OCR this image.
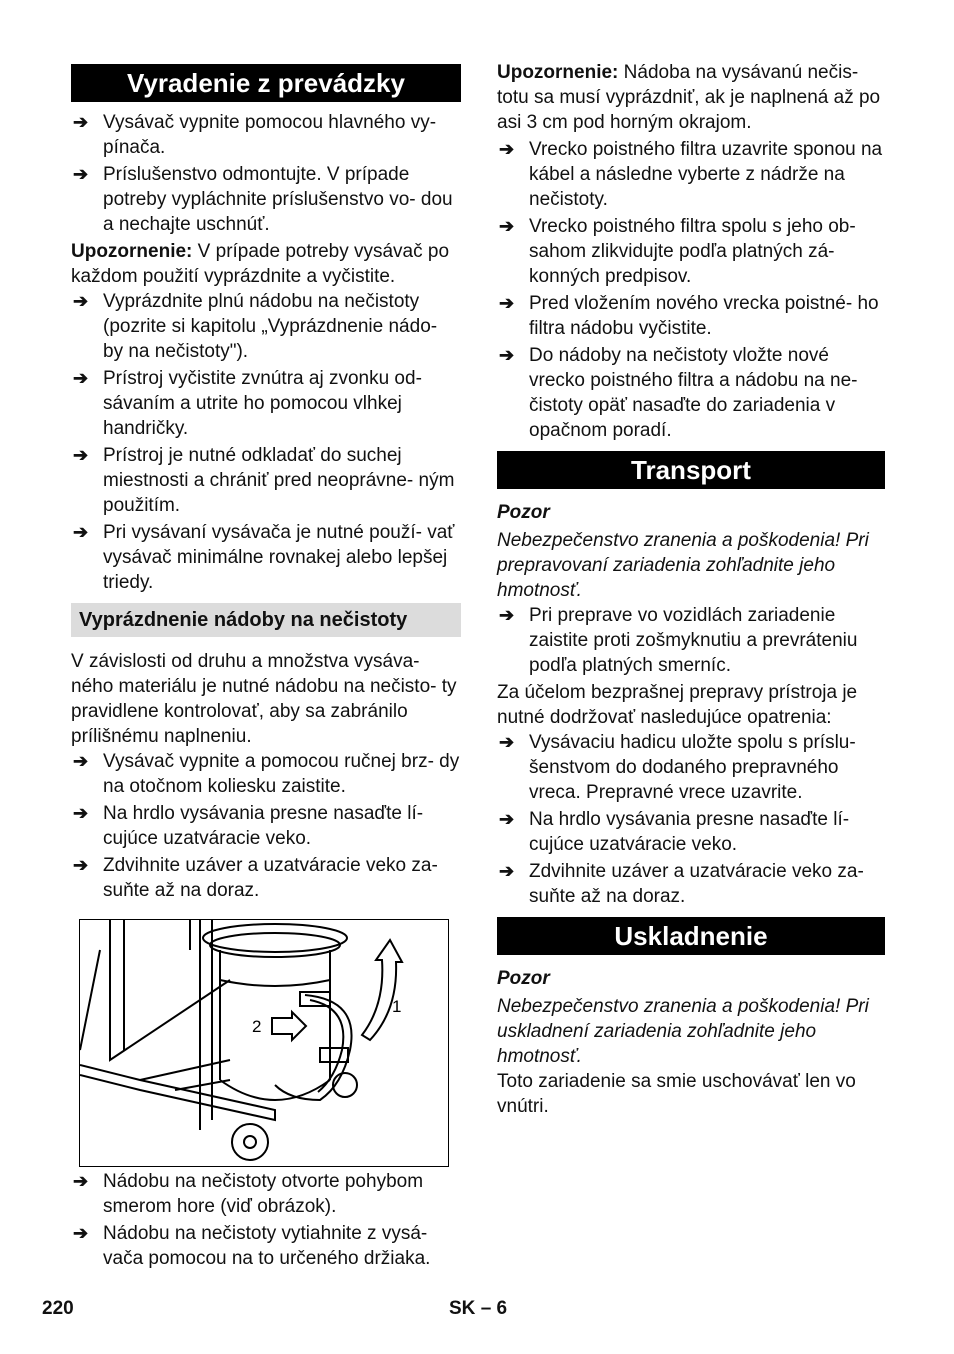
Vyradenie z prevádzky
➔ Vysávač vypnite pomocou hlavného vy- pínača.
➔ Príslušenstvo odmontujte. V prípade potreby vypláchnite príslušenstvo vo- dou a nechajte uschnúť.

Upozornenie: V prípade potreby vysávač po každom použití vyprázdnite a vyčistite.

➔ Vyprázdnite plnú nádobu na nečistoty (pozrite si kapitolu „Vyprázdnenie nádo- by na nečistoty").
➔ Prístroj vyčistite zvnútra aj zvonku od- sávaním a utrite ho pomocou vlhkej handričky.
➔ Prístroj je nutné odkladať do suchej miestnosti a chrániť pred neoprávne- ným použitím.
➔ Pri vysávaní vysávača je nutné použí- vať vysávač minimálne rovnakej alebo lepšej triedy.
Vyprázdnenie nádoby na nečistoty

V závislosti od druhu a množstva vysáva- ného materiálu je nutné nádobu na nečisto- ty pravidlene kontrolovať, aby sa zabránilo prílišnému naplneniu.

➔ Vysávač vypnite a pomocou ručnej brz- dy na otočnom koliesku zaistite.
➔ Na hrdlo vysávania presne nasaďte lí- cujúce uzatváracie veko.
➔ Zdvihnite uzáver a uzatváracie veko za- suňte až na doraz.
2
1
➔ Nádobu na nečistoty otvorte pohybom smerom hore (viď obrázok).
➔ Nádobu na nečistoty vytiahnite z vysá- vača pomocou na to určeného držiaka.

Upozornenie: Nádoba na vysávanú nečis- totu sa musí vyprázdniť, ak je naplnená až po asi 3 cm pod horným okrajom.

➔ Vrecko poistného filtra uzavrite sponou na kábel a následne vyberte z nádrže na nečistoty.
➔ Vrecko poistného filtra spolu s jeho ob- sahom zlikvidujte podľa platných zá- konných predpisov.
➔ Pred vložením nového vrecka poistné- ho filtra nádobu vyčistite.
➔ Do nádoby na nečistoty vložte nové vrecko poistného filtra a nádobu na ne- čistoty opäť nasaďte do zariadenia v opačnom poradí.
Transport

Pozor

Nebezpečenstvo zranenia a poškodenia! Pri prepravovaní zariadenia zohľadnite jeho hmotnosť.

➔ Pri preprave vo vozidlách zariadenie zaistite proti zošmyknutiu a prevráteniu podľa platných smerníc.

Za účelom bezprašnej prepravy prístroja je nutné dodržovať nasledujúce opatrenia:

➔ Vysávaciu hadicu uložte spolu s príslu- šenstvom do dodaného prepravného vreca. Prepravné vrece uzavrite.
➔ Na hrdlo vysávania presne nasaďte lí- cujúce uzatváracie veko.
➔ Zdvihnite uzáver a uzatváracie veko za- suňte až na doraz.
Uskladnenie

Pozor

Nebezpečenstvo zranenia a poškodenia! Pri uskladnení zariadenia zohľadnite jeho hmotnosť.

Toto zariadenie sa smie uschovávať len vo vnútri.

220	SK – 6
